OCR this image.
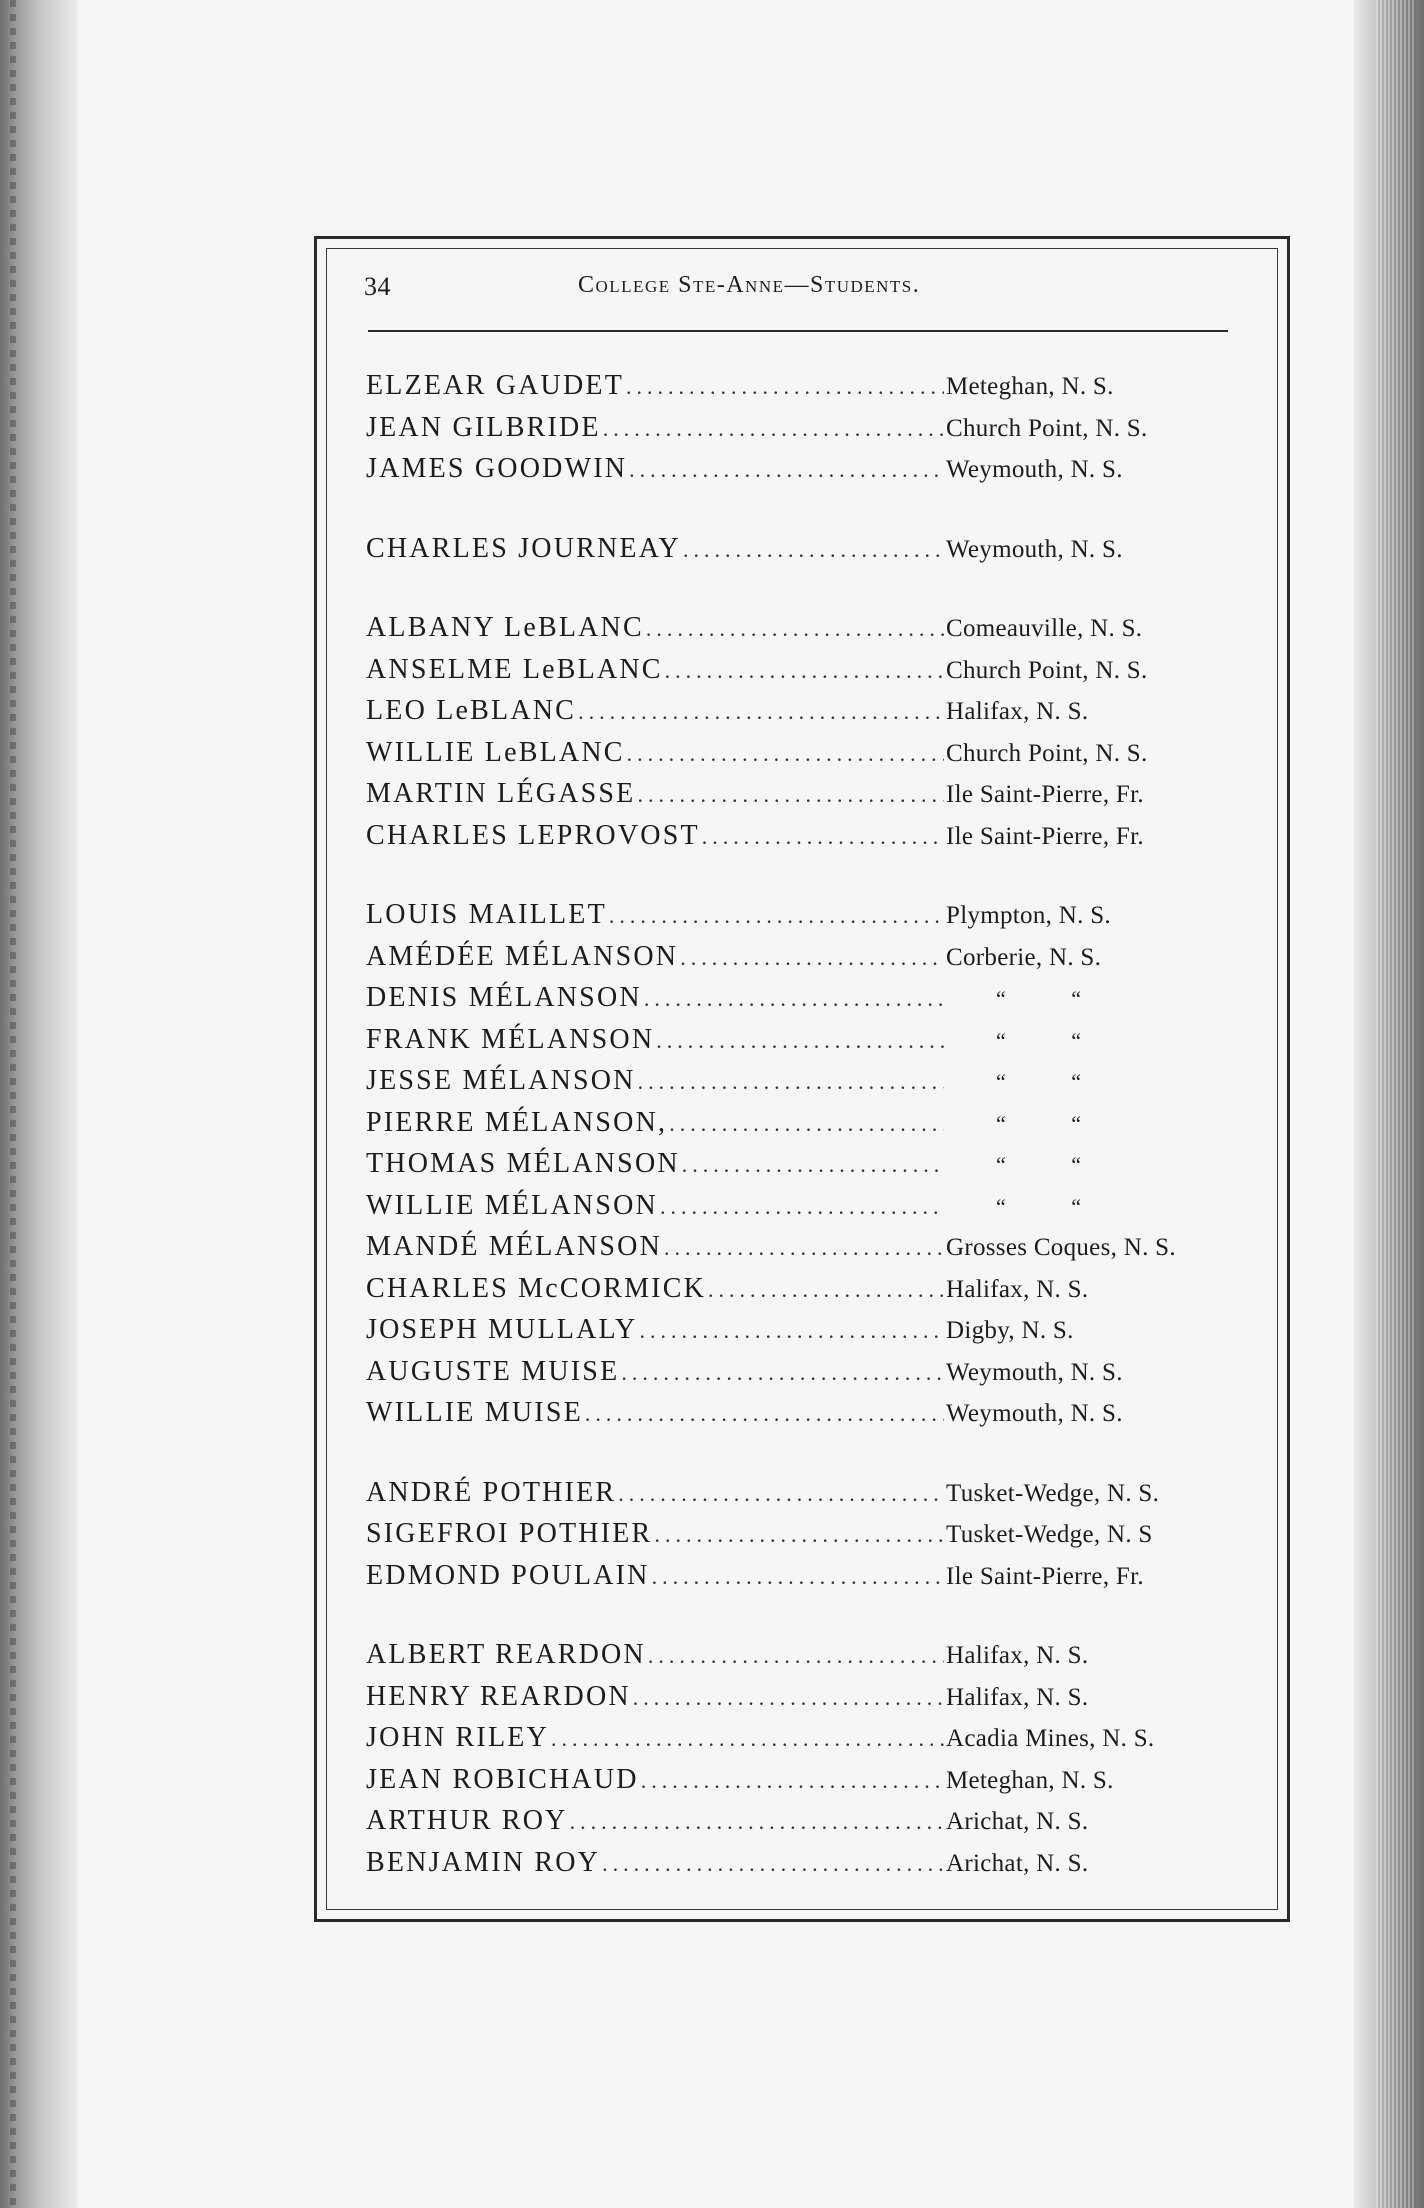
34	College Ste-Anne—Students.
ELZEAR GAUDET .....	Meteghan, N. S.
JEAN GILBRIDE .....	Church Point, N. S.
JAMES GOODWIN .....	Weymouth, N. S.
CHARLES JOURNEAY .....	Weymouth, N. S.
ALBANY LeBLANC .....	Comeauville, N. S.
ANSELME LeBLANC .....	Church Point, N. S.
LEO LeBLANC .....	Halifax, N. S.
WILLIE LeBLANC .....	Church Point, N. S.
MARTIN LÉGASSE .....	Ile Saint-Pierre, Fr.
CHARLES LEPROVOST .....	Ile Saint-Pierre, Fr.
LOUIS MAILLET .....	Plympton, N. S.
AMÉDÉE MÉLANSON .....	Corberie, N. S.
DENIS MÉLANSON .....	“ “
FRANK MÉLANSON .....	“ “
JESSE MÉLANSON .....	“ “
PIERRE MÉLANSON, .....	“ “
THOMAS MÉLANSON .....	“ “
WILLIE MÉLANSON .....	“ “
MANDÉ MÉLANSON .....	Grosses Coques, N. S.
CHARLES McCORMICK .....	Halifax, N. S.
JOSEPH MULLALY .....	Digby, N. S.
AUGUSTE MUISE .....	Weymouth, N. S.
WILLIE MUISE .....	Weymouth, N. S.
ANDRÉ POTHIER .....	Tusket-Wedge, N. S.
SIGEFROI POTHIER .....	Tusket-Wedge, N. S
EDMOND POULAIN .....	Ile Saint-Pierre, Fr.
ALBERT REARDON .....	Halifax, N. S.
HENRY REARDON .....	Halifax, N. S.
JOHN RILEY .....	Acadia Mines, N. S.
JEAN ROBICHAUD .....	Meteghan, N. S.
ARTHUR ROY .....	Arichat, N. S.
BENJAMIN ROY .....	Arichat, N. S.
